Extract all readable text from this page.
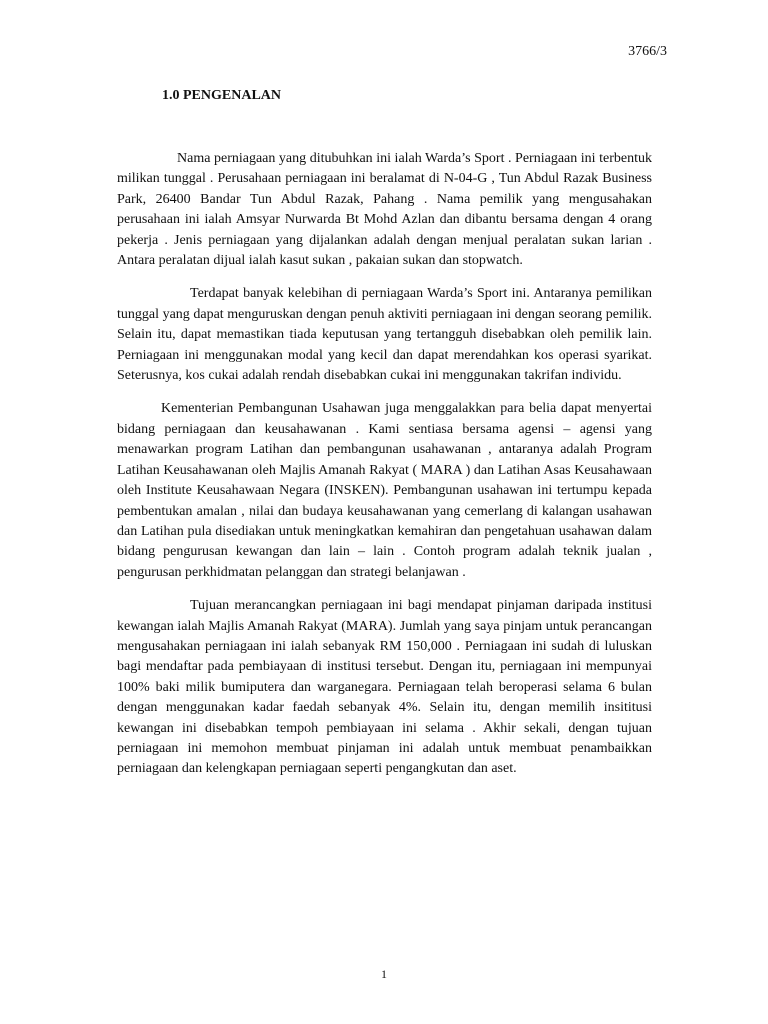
3766/3
1.0 PENGENALAN

Nama perniagaan yang ditubuhkan ini ialah Warda’s Sport . Perniagaan ini terbentuk milikan tunggal . Perusahaan perniagaan ini beralamat di N-04-G , Tun Abdul Razak Business Park, 26400 Bandar Tun Abdul Razak, Pahang . Nama pemilik yang mengusahakan perusahaan ini ialah Amsyar Nurwarda Bt Mohd Azlan dan dibantu bersama dengan 4 orang pekerja . Jenis perniagaan yang dijalankan adalah dengan menjual peralatan sukan larian . Antara peralatan dijual ialah kasut sukan , pakaian sukan dan stopwatch.

Terdapat banyak kelebihan di perniagaan Warda’s Sport ini. Antaranya pemilikan tunggal yang dapat menguruskan dengan penuh aktiviti perniagaan ini dengan seorang pemilik. Selain itu, dapat memastikan tiada keputusan yang tertangguh disebabkan oleh pemilik lain. Perniagaan ini menggunakan modal yang kecil dan dapat merendahkan kos operasi syarikat. Seterusnya, kos cukai adalah rendah disebabkan cukai ini menggunakan takrifan individu.

Kementerian Pembangunan Usahawan juga menggalakkan para belia dapat menyertai bidang perniagaan dan keusahawanan . Kami sentiasa bersama agensi – agensi yang menawarkan program Latihan dan pembangunan usahawanan , antaranya adalah Program Latihan Keusahawanan oleh Majlis Amanah Rakyat ( MARA ) dan Latihan Asas Keusahawaan oleh Institute Keusahawaan Negara (INSKEN). Pembangunan usahawan ini tertumpu kepada pembentukan amalan , nilai dan budaya keusahawanan yang cemerlang di kalangan usahawan dan Latihan pula disediakan untuk meningkatkan kemahiran dan pengetahuan usahawan dalam bidang pengurusan kewangan dan lain – lain . Contoh program adalah teknik jualan , pengurusan perkhidmatan pelanggan dan strategi belanjawan .

Tujuan merancangkan perniagaan ini bagi mendapat pinjaman daripada institusi kewangan ialah Majlis Amanah Rakyat (MARA). Jumlah yang saya pinjam untuk perancangan mengusahakan perniagaan ini ialah sebanyak RM 150,000 . Perniagaan ini sudah di luluskan bagi mendaftar pada pembiayaan di institusi tersebut. Dengan itu, perniagaan ini mempunyai 100% baki milik bumiputera dan warganegara. Perniagaan telah beroperasi selama 6 bulan dengan menggunakan kadar faedah sebanyak 4%. Selain itu, dengan memilih insititusi kewangan ini disebabkan tempoh pembiayaan ini selama . Akhir sekali, dengan tujuan perniagaan ini memohon membuat pinjaman ini adalah untuk membuat penambaikkan perniagaan dan kelengkapan perniagaan seperti pengangkutan dan aset.

1
